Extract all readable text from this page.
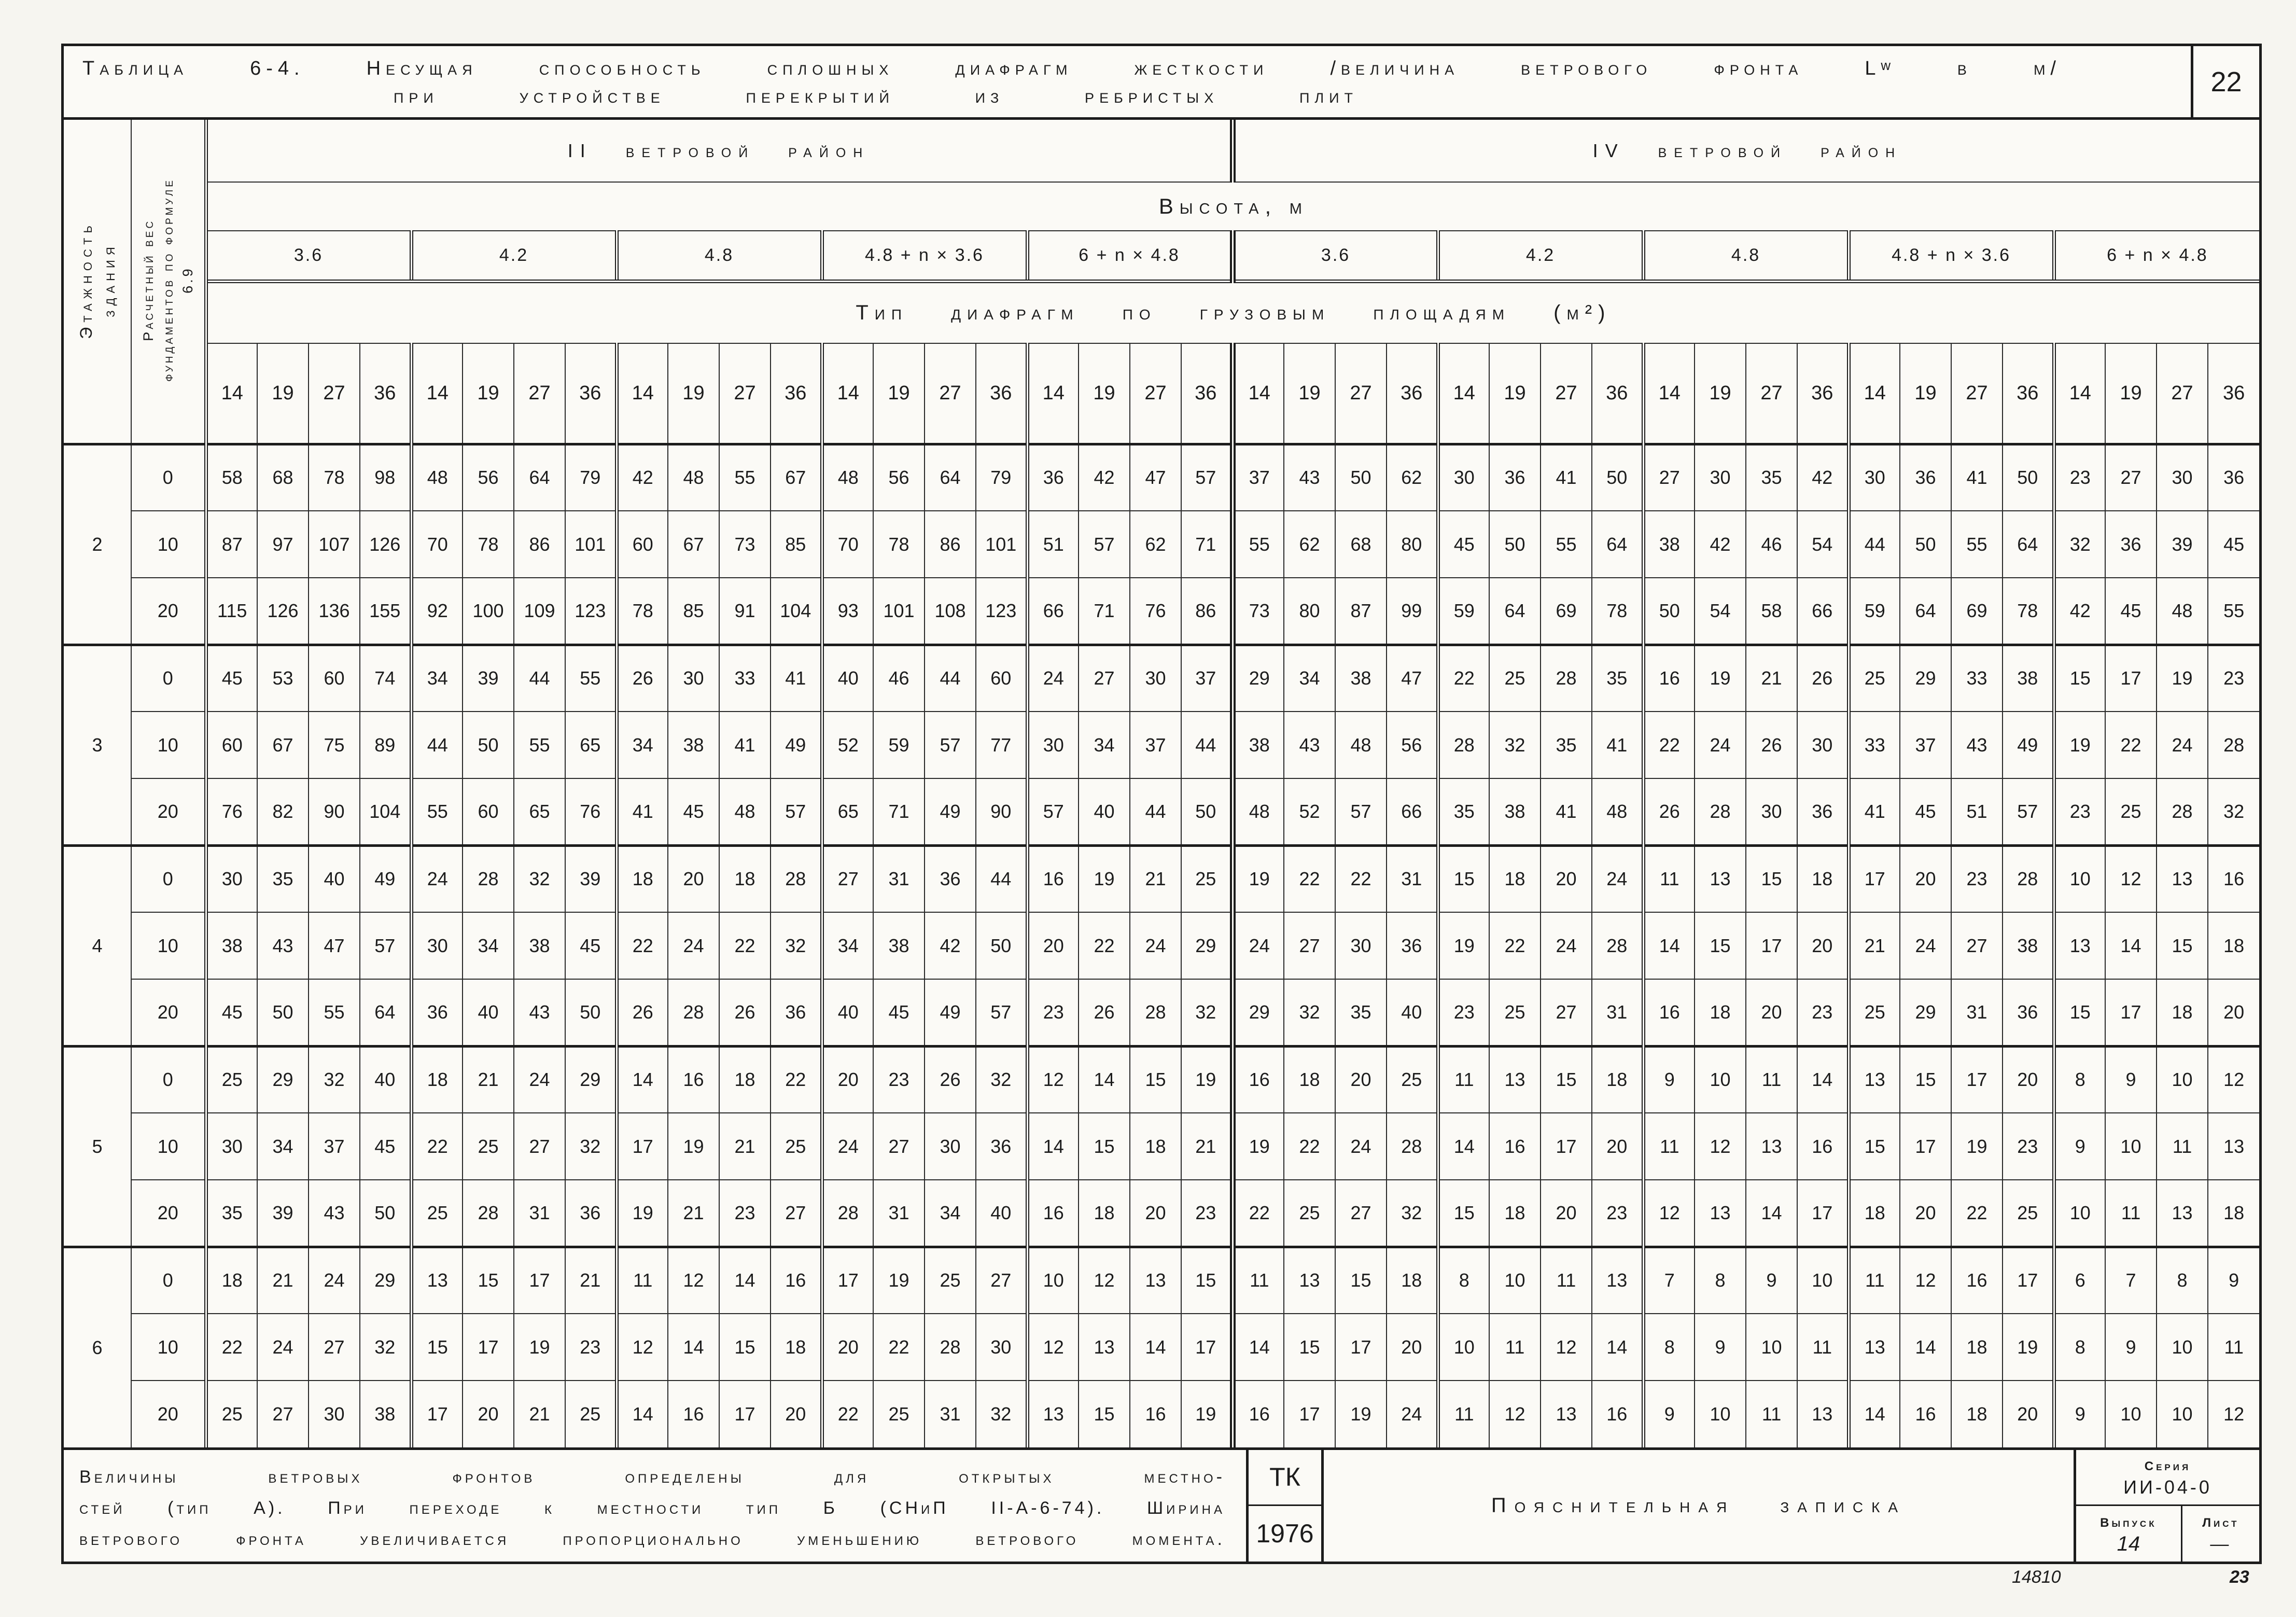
Таблица 6-4. Несущая способность сплошных диафрагм жесткости /величина ветрового фронта Lʷ в м/
при устройстве перекрытий из ребристых плит	22
Этажность здания	Расчетный вес фундаментов по формуле 6.9	II ветровой район																				IV ветровой район																			
		Высота, м																																							
		3.6				4.2				4.8				4.8 + n × 3.6				6 + n × 4.8				3.6				4.2				4.8				4.8 + n × 3.6				6 + n × 4.8			
		Тип диафрагм по грузовым площадям (м²)																																							
		14	19	27	36	14	19	27	36	14	19	27	36	14	19	27	36	14	19	27	36	14	19	27	36	14	19	27	36	14	19	27	36	14	19	27	36	14	19	27	36
2	0	58	68	78	98	48	56	64	79	42	48	55	67	48	56	64	79	36	42	47	57	37	43	50	62	30	36	41	50	27	30	35	42	30	36	41	50	23	27	30	36
	10	87	97	107	126	70	78	86	101	60	67	73	85	70	78	86	101	51	57	62	71	55	62	68	80	45	50	55	64	38	42	46	54	44	50	55	64	32	36	39	45
	20	115	126	136	155	92	100	109	123	78	85	91	104	93	101	108	123	66	71	76	86	73	80	87	99	59	64	69	78	50	54	58	66	59	64	69	78	42	45	48	55
3	0	45	53	60	74	34	39	44	55	26	30	33	41	40	46	44	60	24	27	30	37	29	34	38	47	22	25	28	35	16	19	21	26	25	29	33	38	15	17	19	23
	10	60	67	75	89	44	50	55	65	34	38	41	49	52	59	57	77	30	34	37	44	38	43	48	56	28	32	35	41	22	24	26	30	33	37	43	49	19	22	24	28
	20	76	82	90	104	55	60	65	76	41	45	48	57	65	71	49	90	57	40	44	50	48	52	57	66	35	38	41	48	26	28	30	36	41	45	51	57	23	25	28	32
4	0	30	35	40	49	24	28	32	39	18	20	18	28	27	31	36	44	16	19	21	25	19	22	22	31	15	18	20	24	11	13	15	18	17	20	23	28	10	12	13	16
	10	38	43	47	57	30	34	38	45	22	24	22	32	34	38	42	50	20	22	24	29	24	27	30	36	19	22	24	28	14	15	17	20	21	24	27	38	13	14	15	18
	20	45	50	55	64	36	40	43	50	26	28	26	36	40	45	49	57	23	26	28	32	29	32	35	40	23	25	27	31	16	18	20	23	25	29	31	36	15	17	18	20
5	0	25	29	32	40	18	21	24	29	14	16	18	22	20	23	26	32	12	14	15	19	16	18	20	25	11	13	15	18	9	10	11	14	13	15	17	20	8	9	10	12
	10	30	34	37	45	22	25	27	32	17	19	21	25	24	27	30	36	14	15	18	21	19	22	24	28	14	16	17	20	11	12	13	16	15	17	19	23	9	10	11	13
	20	35	39	43	50	25	28	31	36	19	21	23	27	28	31	34	40	16	18	20	23	22	25	27	32	15	18	20	23	12	13	14	17	18	20	22	25	10	11	13	18
6	0	18	21	24	29	13	15	17	21	11	12	14	16	17	19	25	27	10	12	13	15	11	13	15	18	8	10	11	13	7	8	9	10	11	12	16	17	6	7	8	9
	10	22	24	27	32	15	17	19	23	12	14	15	18	20	22	28	30	12	13	14	17	14	15	17	20	10	11	12	14	8	9	10	11	13	14	18	19	8	9	10	11
	20	25	27	30	38	17	20	21	25	14	16	17	20	22	25	31	32	13	15	16	19	16	17	19	24	11	12	13	16	9	10	11	13	14	16	18	20	9	10	10	12
Величины ветровых фронтов определены для открытых местно-
стей (тип А). При переходе к местности тип Б (СНиП II-А-6-74). Ширина
ветрового фронта увеличивается пропорционально уменьшению ветрового момента.
ТК
1976
Пояснительная записка
Серия
ИИ-04-0
Выпуск
14
Лист
—
14810	23
